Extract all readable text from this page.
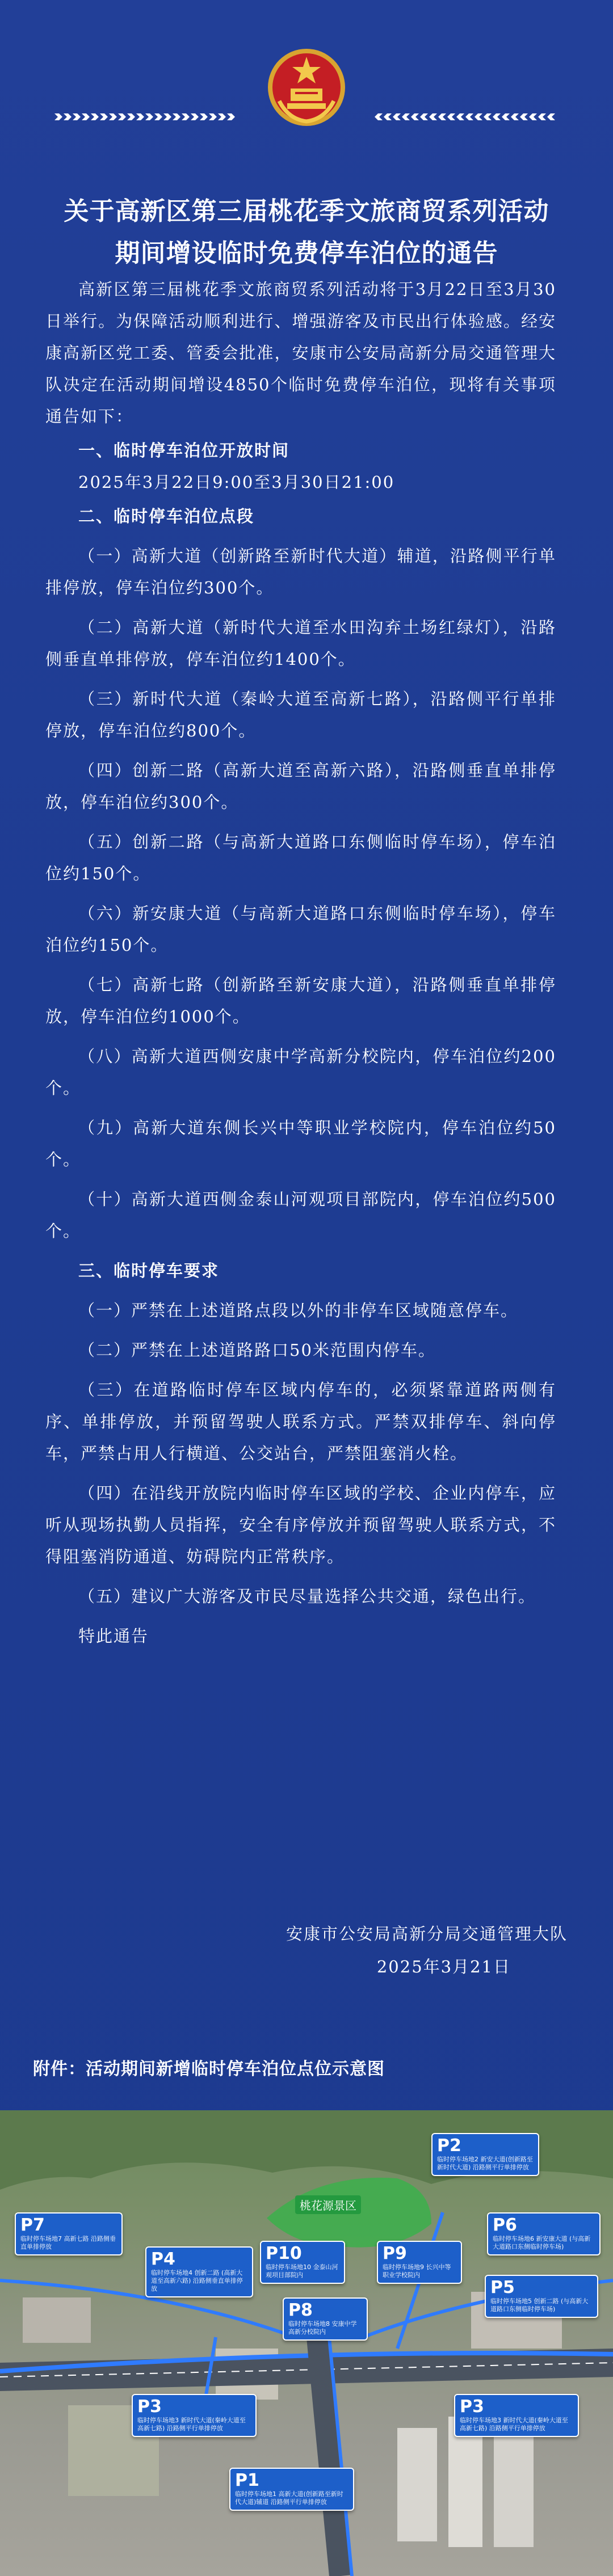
关于高新区第三届桃花季文旅商贸系列活动
期间增设临时免费停车泊位的通告

高新区第三届桃花季文旅商贸系列活动将于3月22日至3月30日举行。为保障活动顺利进行、增强游客及市民出行体验感。经安康高新区党工委、管委会批准，安康市公安局高新分局交通管理大队决定在活动期间增设4850个临时免费停车泊位，现将有关事项通告如下：

一、临时停车泊位开放时间

2025年3月22日9:00至3月30日21:00

二、临时停车泊位点段

（一）高新大道（创新路至新时代大道）辅道，沿路侧平行单排停放，停车泊位约300个。

（二）高新大道（新时代大道至水田沟弃土场红绿灯），沿路侧垂直单排停放，停车泊位约1400个。

（三）新时代大道（秦岭大道至高新七路），沿路侧平行单排停放，停车泊位约800个。

（四）创新二路（高新大道至高新六路），沿路侧垂直单排停放，停车泊位约300个。

（五）创新二路（与高新大道路口东侧临时停车场），停车泊位约150个。

（六）新安康大道（与高新大道路口东侧临时停车场），停车泊位约150个。

（七）高新七路（创新路至新安康大道），沿路侧垂直单排停放，停车泊位约1000个。

（八）高新大道西侧安康中学高新分校院内，停车泊位约200个。

（九）高新大道东侧长兴中等职业学校院内，停车泊位约50个。

（十）高新大道西侧金泰山河观项目部院内，停车泊位约500个。

三、临时停车要求

（一）严禁在上述道路点段以外的非停车区域随意停车。

（二）严禁在上述道路路口50米范围内停车。

（三）在道路临时停车区域内停车的，必须紧靠道路两侧有序、单排停放，并预留驾驶人联系方式。严禁双排停车、斜向停车，严禁占用人行横道、公交站台，严禁阻塞消火栓。

（四）在沿线开放院内临时停车区域的学校、企业内停车，应听从现场执勤人员指挥，安全有序停放并预留驾驶人联系方式，不得阻塞消防通道、妨碍院内正常秩序。

（五）建议广大游客及市民尽量选择公共交通，绿色出行。

特此通告

安康市公安局高新分局交通管理大队
2025年3月21日
附件：活动期间新增临时停车泊位点位示意图
桃花源景区
P2
临时停车场地2 新安大道(创新路至新时代大道) 沿路侧平行单排停放
P7
临时停车场地7 高新七路 沿路侧垂直单排停放
P6
临时停车场地6 新安康大道 (与高新大道路口东侧临时停车场)
P4
临时停车场地4 创新二路 (高新大道至高新六路) 沿路侧垂直单排停放
P10
临时停车场地10 金泰山河观项目部院内
P9
临时停车场地9 长兴中等职业学校院内
P8
临时停车场地8 安康中学高新分校院内
P5
临时停车场地5 创新二路 (与高新大道路口东侧临时停车场)
P3
临时停车场地3 新时代大道(秦岭大道至高新七路) 沿路侧平行单排停放
P3
临时停车场地3 新时代大道(秦岭大道至高新七路) 沿路侧平行单排停放
P1
临时停车场地1 高新大道(创新路至新时代大道)辅道 沿路侧平行单排停放
